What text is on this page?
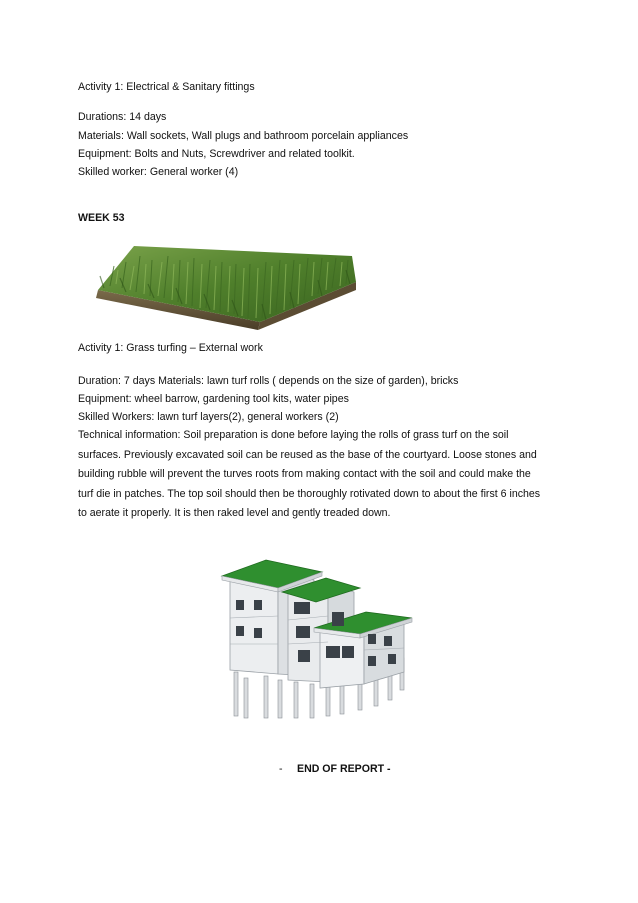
Activity 1: Electrical & Sanitary fittings
Durations: 14 days
Materials: Wall sockets, Wall plugs and bathroom porcelain appliances
Equipment: Bolts and Nuts, Screwdriver and related toolkit.
Skilled worker: General worker (4)
WEEK 53
Activity 1: Grass turfing – External work
Duration: 7 days Materials: lawn turf rolls ( depends on the size of garden), bricks
Equipment: wheel barrow, gardening tool kits, water pipes
Skilled Workers: lawn turf layers(2), general workers (2)
Technical information: Soil preparation is done before laying the rolls of grass turf on the soil
surfaces. Previously excavated soil can be reused as the base of the courtyard. Loose stones and
building rubble will prevent the turves roots from making contact with the soil and could make the
turf die in patches. The top soil should then be thoroughly rotivated down to about the first 6 inches
to aerate it properly. It is then raked level and gently treaded down.
- END OF REPORT -
